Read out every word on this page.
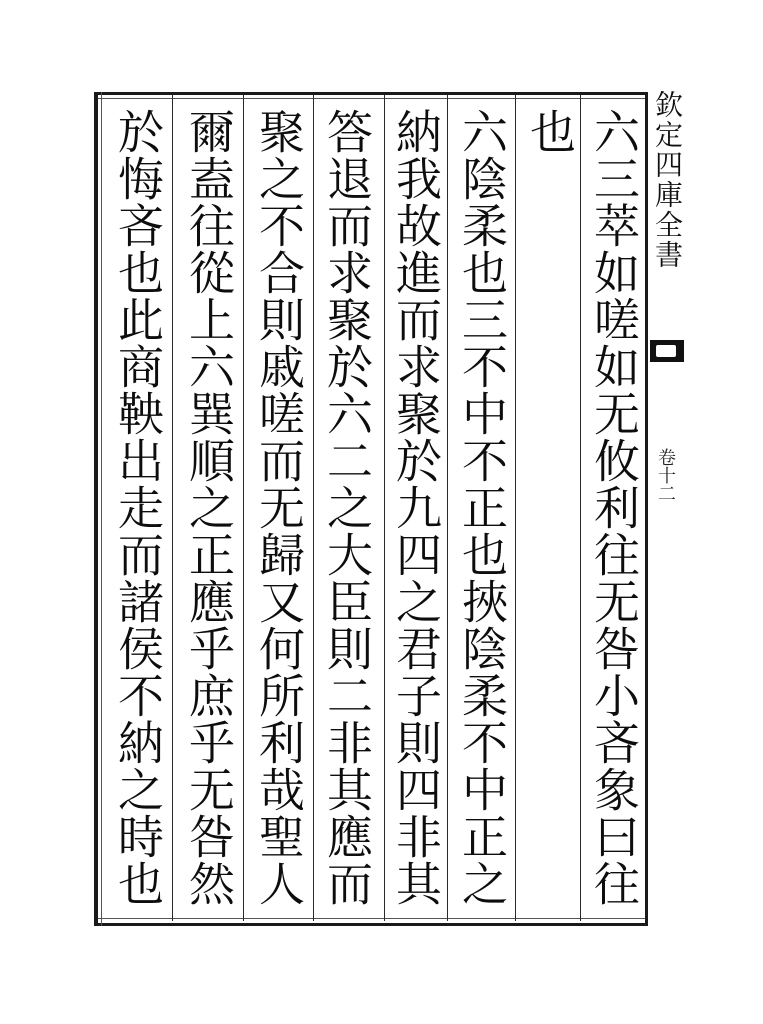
欽定四庫全書
卷十二
六三萃如嗟如无攸利往无咎小吝象曰往
也
六陰柔也三不中不正也挾陰柔不中正之
納我故進而求聚於九四之君子則四非其
答退而求聚於六二之大臣則二非其應而
聚之不合則戚嗟而无歸又何所利哉聖人
爾盍往從上六巽順之正應乎庶乎无咎然
於悔吝也此商鞅出走而諸侯不納之時也
